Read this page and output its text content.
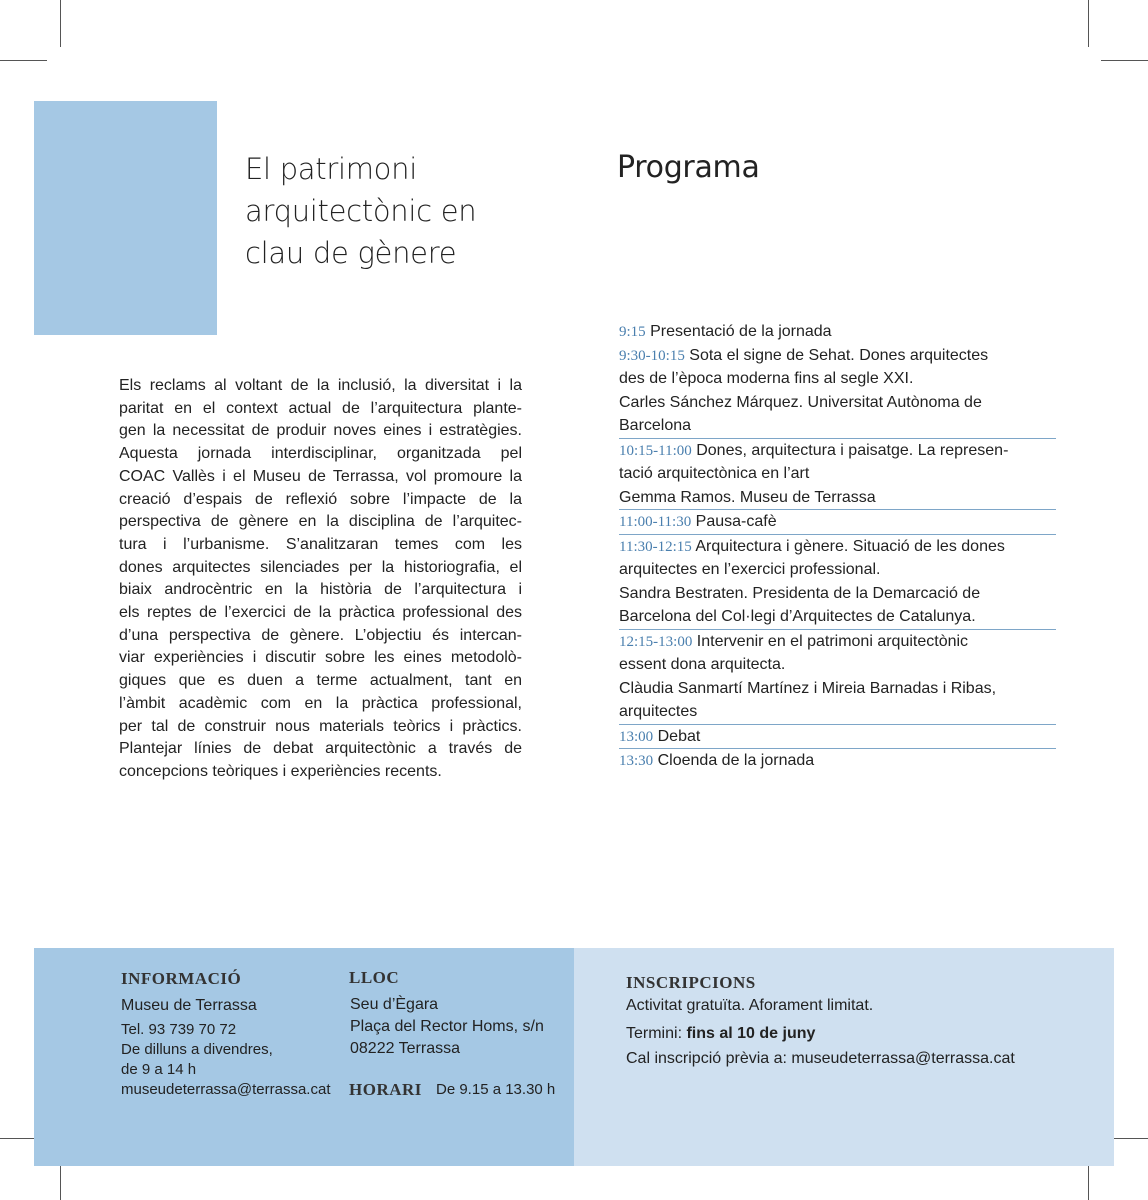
El patrimoni
arquitectònic en
clau de gènere
Programa
Els reclams al voltant de la inclusió, la diversitat i la
paritat en el context actual de l’arquitectura plante-
gen la necessitat de produir noves eines i estratègies.
Aquesta jornada interdisciplinar, organitzada pel
COAC Vallès i el Museu de Terrassa, vol promoure la
creació d’espais de reflexió sobre l’impacte de la
perspectiva de gènere en la disciplina de l’arquitec-
tura i l’urbanisme. S’analitzaran temes com les
dones arquitectes silenciades per la historiografia, el
biaix androcèntric en la història de l’arquitectura i
els reptes de l’exercici de la pràctica professional des
d’una perspectiva de gènere. L’objectiu és intercan-
viar experiències i discutir sobre les eines metodolò-
giques que es duen a terme actualment, tant en
l’àmbit acadèmic com en la pràctica professional,
per tal de construir nous materials teòrics i pràctics.
Plantejar línies de debat arquitectònic a través de
concepcions teòriques i experiències recents.
9:15 Presentació de la jornada
9:30-10:15 Sota el signe de Sehat. Dones arquitectes
des de l’època moderna fins al segle XXI.
Carles Sánchez Márquez. Universitat Autònoma de
Barcelona
10:15-11:00 Dones, arquitectura i paisatge. La represen-
tació arquitectònica en l’art
Gemma Ramos. Museu de Terrassa
11:00-11:30 Pausa-cafè
11:30-12:15 Arquitectura i gènere. Situació de les dones
arquitectes en l’exercici professional.
Sandra Bestraten. Presidenta de la Demarcació de
Barcelona del Col·legi d’Arquitectes de Catalunya.
12:15-13:00 Intervenir en el patrimoni arquitectònic
essent dona arquitecta.
Clàudia Sanmartí Martínez i Mireia Barnadas i Ribas,
arquitectes
13:00 Debat
13:30 Cloenda de la jornada
INFORMACIÓ
Museu de Terrassa
Tel. 93 739 70 72
De dilluns a divendres,
de 9 a 14 h
museudeterrassa@terrassa.cat
LLOC
Seu d’Ègara
Plaça del Rector Homs, s/n
08222 Terrassa
HORARI De 9.15 a 13.30 h
INSCRIPCIONS
Activitat gratuïta. Aforament limitat.
Termini: fins al 10 de juny
Cal inscripció prèvia a: museudeterrassa@terrassa.cat
